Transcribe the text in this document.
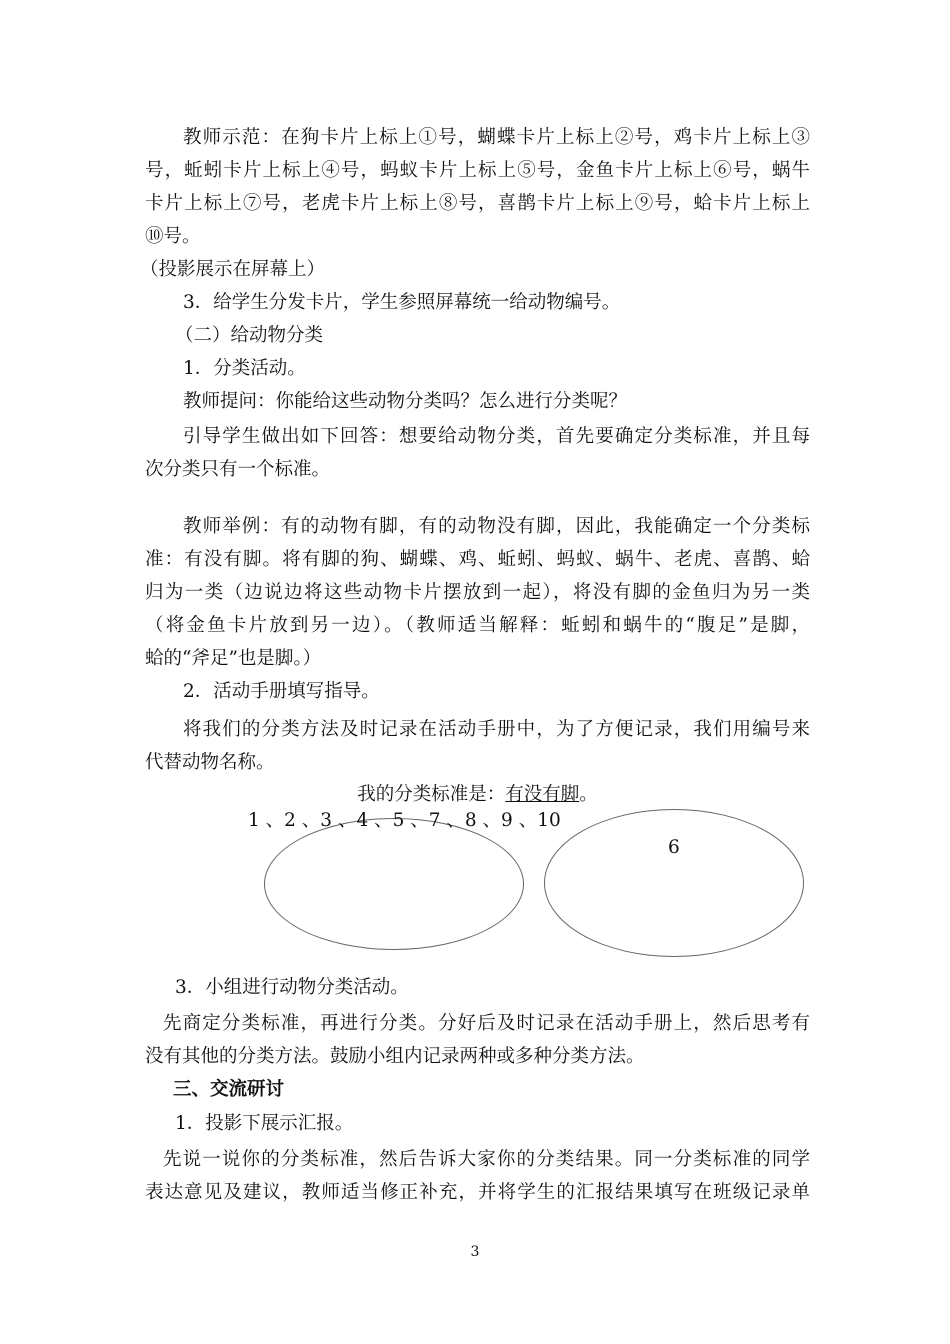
教师示范：在狗卡片上标上①号，蝴蝶卡片上标上②号，鸡卡片上标上③
号，蚯蚓卡片上标上④号，蚂蚁卡片上标上⑤号，金鱼卡片上标上⑥号，蜗牛
卡片上标上⑦号，老虎卡片上标上⑧号，喜鹊卡片上标上⑨号，蛤卡片上标上
⑩号。
（投影展示在屏幕上）
3．给学生分发卡片，学生参照屏幕统一给动物编号。
（二）给动物分类
1．分类活动。
教师提问：你能给这些动物分类吗？怎么进行分类呢？
引导学生做出如下回答：想要给动物分类，首先要确定分类标准，并且每
次分类只有一个标准。
教师举例：有的动物有脚，有的动物没有脚，因此，我能确定一个分类标
准：有没有脚。将有脚的狗、蝴蝶、鸡、蚯蚓、蚂蚁、蜗牛、老虎、喜鹊、蛤
归为一类（边说边将这些动物卡片摆放到一起），将没有脚的金鱼归为另一类
（将金鱼卡片放到另一边）。（教师适当解释：蚯蚓和蜗牛的“腹足”是脚，
蛤的“斧足”也是脚。）
2．活动手册填写指导。
将我们的分类方法及时记录在活动手册中，为了方便记录，我们用编号来
代替动物名称。
我的分类标准是：有没有脚。
1 、2 、3 、4 、5 、7 、8 、9 、10
6
3．小组进行动物分类活动。
先商定分类标准，再进行分类。分好后及时记录在活动手册上，然后思考有
没有其他的分类方法。鼓励小组内记录两种或多种分类方法。
三、交流研讨
1．投影下展示汇报。
先说一说你的分类标准，然后告诉大家你的分类结果。同一分类标准的同学
表达意见及建议，教师适当修正补充，并将学生的汇报结果填写在班级记录单
3
